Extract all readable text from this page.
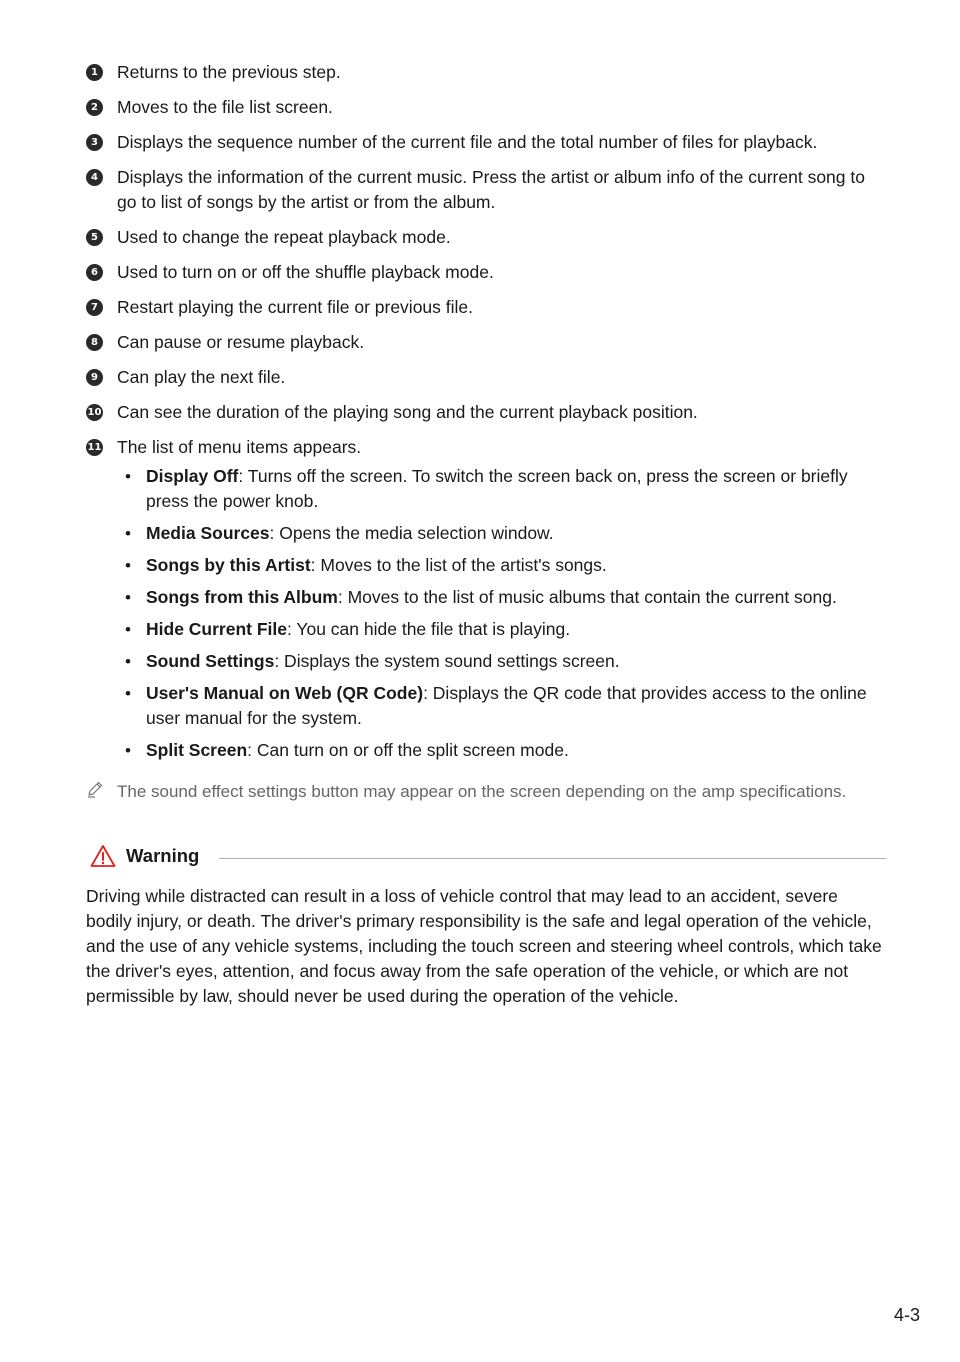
1 Returns to the previous step.
2 Moves to the file list screen.
3 Displays the sequence number of the current file and the total number of files for playback.
4 Displays the information of the current music. Press the artist or album info of the current song to go to list of songs by the artist or from the album.
5 Used to change the repeat playback mode.
6 Used to turn on or off the shuffle playback mode.
7 Restart playing the current file or previous file.
8 Can pause or resume playback.
9 Can play the next file.
10 Can see the duration of the playing song and the current playback position.
11 The list of menu items appears.
• Display Off: Turns off the screen. To switch the screen back on, press the screen or briefly press the power knob.
• Media Sources: Opens the media selection window.
• Songs by this Artist: Moves to the list of the artist's songs.
• Songs from this Album: Moves to the list of music albums that contain the current song.
• Hide Current File: You can hide the file that is playing.
• Sound Settings: Displays the system sound settings screen.
• User's Manual on Web (QR Code): Displays the QR code that provides access to the online user manual for the system.
• Split Screen: Can turn on or off the split screen mode.
The sound effect settings button may appear on the screen depending on the amp specifications.
Warning
Driving while distracted can result in a loss of vehicle control that may lead to an accident, severe bodily injury, or death. The driver's primary responsibility is the safe and legal operation of the vehicle, and the use of any vehicle systems, including the touch screen and steering wheel controls, which take the driver's eyes, attention, and focus away from the safe operation of the vehicle, or which are not permissible by law, should never be used during the operation of the vehicle.
4-3
